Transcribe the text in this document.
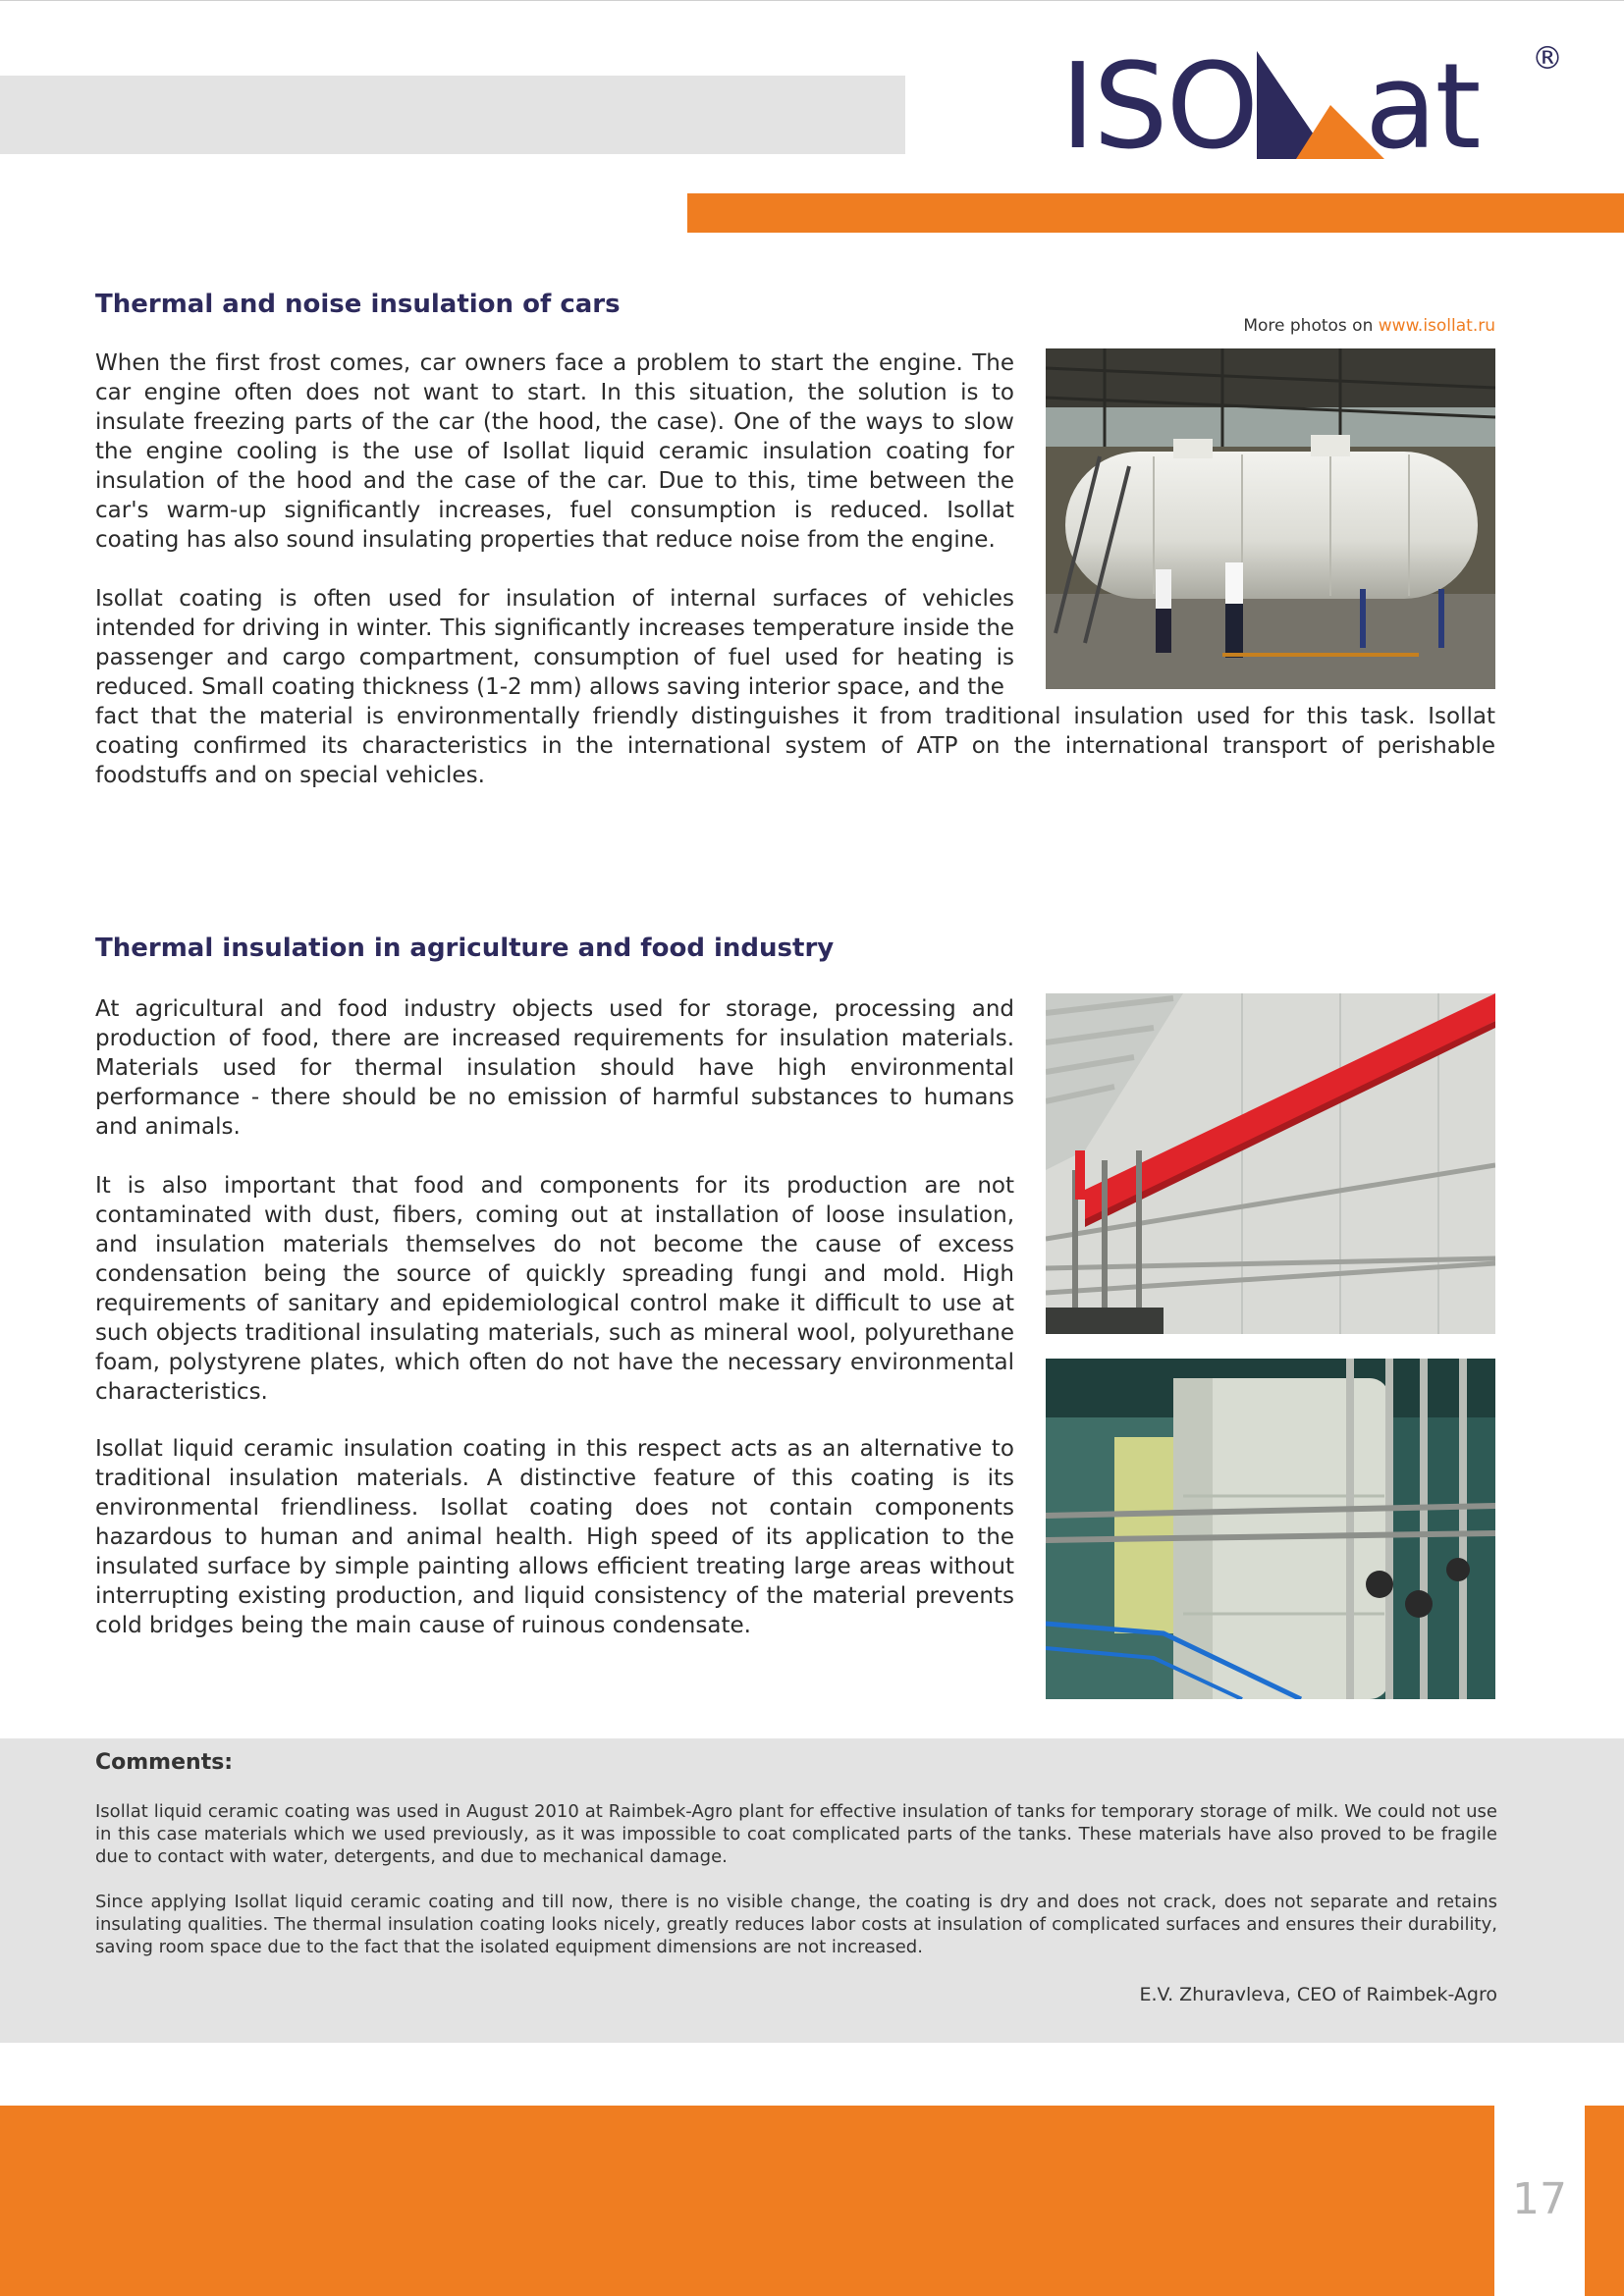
ISO at ®
Thermal and noise insulation of cars
More photos on www.isollat.ru

When the first frost comes, car owners face a problem to start the engine. The car engine often does not want to start. In this situation, the solution is to insulate freezing parts of the car (the hood, the case). One of the ways to slow the engine cooling is the use of Isollat liquid ceramic insulation coating for insulation of the hood and the case of the car. Due to this, time between the car's warm-up significantly increases, fuel consumption is reduced. Isollat coating has also sound insulating properties that reduce noise from the engine.

Isollat coating is often used for insulation of internal surfaces of vehicles intended for driving in winter. This significantly increases temperature inside the passenger and cargo compartment, consumption of fuel used for heating is reduced. Small coating thickness (1-2 mm) allows saving interior space, and the

fact that the material is environmentally friendly distinguishes it from traditional insulation used for this task. Isollat coating confirmed its characteristics in the international system of ATP on the international transport of perishable foodstuffs and on special vehicles.

Thermal insulation in agriculture and food industry

At agricultural and food industry objects used for storage, processing and production of food, there are increased requirements for insulation materials. Materials used for thermal insulation should have high environmental performance - there should be no emission of harmful substances to humans and animals.

It is also important that food and components for its production are not contaminated with dust, fibers, coming out at installation of loose insulation, and insulation materials themselves do not become the cause of excess condensation being the source of quickly spreading fungi and mold. High requirements of sanitary and epidemiological control make it difficult to use at such objects traditional insulating materials, such as mineral wool, polyurethane foam, polystyrene plates, which often do not have the necessary environmental characteristics.

Isollat liquid ceramic insulation coating in this respect acts as an alternative to traditional insulation materials. A distinctive feature of this coating is its environmental friendliness. Isollat coating does not contain components hazardous to human and animal health. High speed of its application to the insulated surface by simple painting allows efficient treating large areas without interrupting existing production, and liquid consistency of the material prevents cold bridges being the main cause of ruinous condensate.

Comments:

Isollat liquid ceramic coating was used in August 2010 at Raimbek-Agro plant for effective insulation of tanks for temporary storage of milk. We could not use in this case materials which we used previously, as it was impossible to coat complicated parts of the tanks. These materials have also proved to be fragile due to contact with water, detergents, and due to mechanical damage.

Since applying Isollat liquid ceramic coating and till now, there is no visible change, the coating is dry and does not crack, does not separate and retains insulating qualities. The thermal insulation coating looks nicely, greatly reduces labor costs at insulation of complicated surfaces and ensures their durability, saving room space due to the fact that the isolated equipment dimensions are not increased.

E.V. Zhuravleva, CEO of Raimbek-Agro
17
